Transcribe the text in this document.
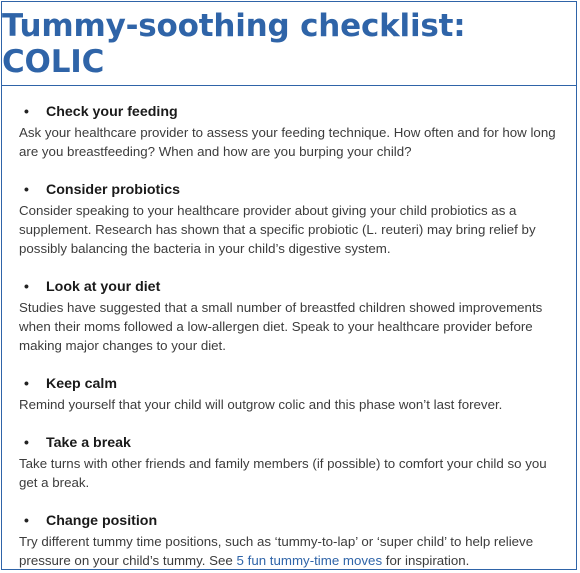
Tummy-soothing checklist: COLIC
•	Check your feeding

Ask your healthcare provider to assess your feeding technique. How often and for how long are you breastfeeding? When and how are you burping your child?

•	Consider probiotics

Consider speaking to your healthcare provider about giving your child probiotics as a supplement. Research has shown that a specific probiotic (L. reuteri) may bring relief by possibly balancing the bacteria in your child’s digestive system.

•	Look at your diet

Studies have suggested that a small number of breastfed children showed improvements when their moms followed a low-allergen diet. Speak to your healthcare provider before making major changes to your diet.

•	Keep calm

Remind yourself that your child will outgrow colic and this phase won’t last forever.

•	Take a break

Take turns with other friends and family members (if possible) to comfort your child so you get a break.

•	Change position

Try different tummy time positions, such as ‘tummy-to-lap’ or ‘super child’ to help relieve pressure on your child’s tummy. See 5 fun tummy-time moves for inspiration.
